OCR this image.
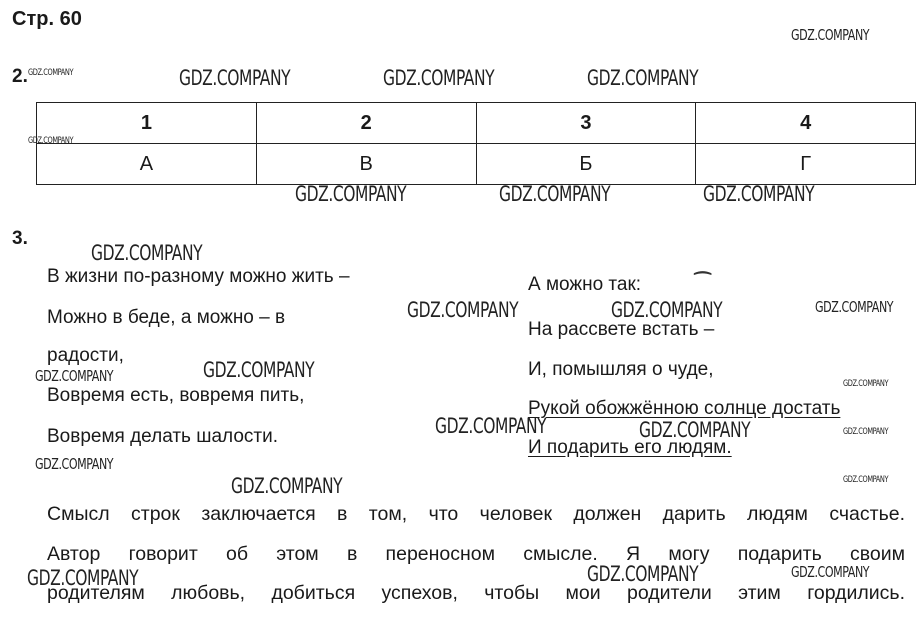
Стр. 60
2.
1	2	3	4
А	В	Б	Г
3.
В жизни по-разному можно жить –
Можно в беде, а можно – в
радости,
Вовремя есть, вовремя пить,
Вовремя делать шалости.
А можно так:	⁀
На рассвете встать –
И, помышляя о чуде,
Рукой обожжённою солнце достать
И подарить его людям.
Смысл строк заключается в том, что человек должен дарить людям счастье.
Автор говорит об этом в переносном смысле. Я могу подарить своим
родителям любовь, добиться успехов, чтобы мои родители этим гордились.
GDZ.COMPANY
GDZ.COMPANY	GDZ.COMPANY	GDZ.COMPANY	GDZ.COMPANY
GDZ.COMPANY
GDZ.COMPANY	GDZ.COMPANY	GDZ.COMPANY
GDZ.COMPANY
GDZ.COMPANY	GDZ.COMPANY	GDZ.COMPANY
GDZ.COMPANY
GDZ.COMPANY	GDZ.COMPANY
GDZ.COMPANY	GDZ.COMPANY	GDZ.COMPANY
GDZ.COMPANY
GDZ.COMPANY
GDZ.COMPANY
GDZ.COMPANY	GDZ.COMPANY	GDZ.COMPANY
